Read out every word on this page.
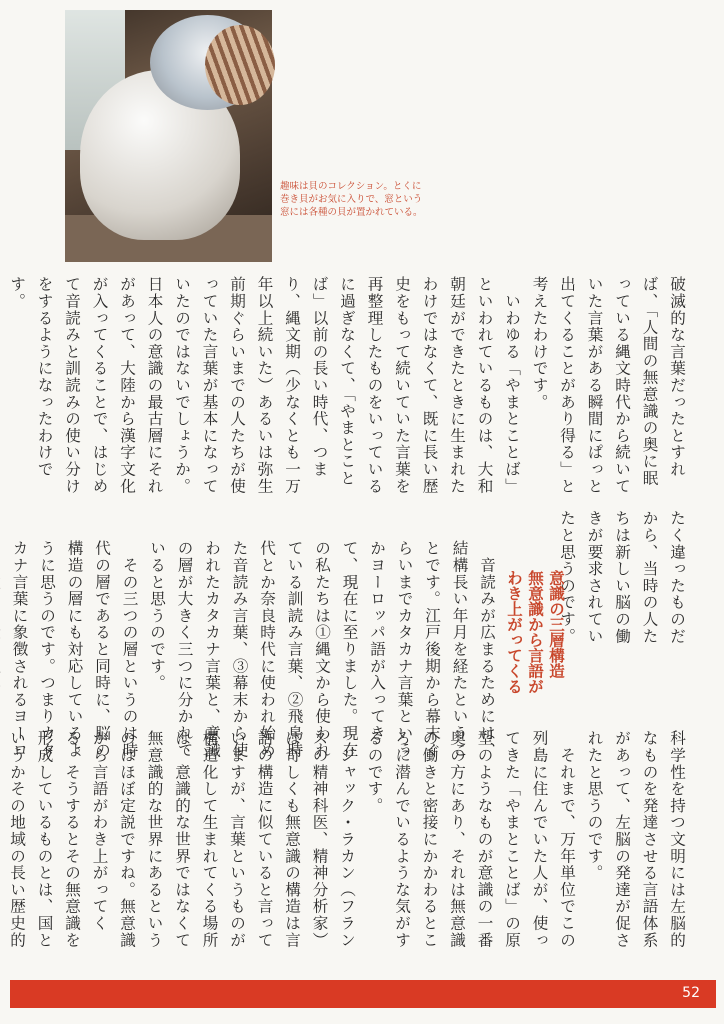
趣味は貝のコレクション。とくに巻き貝がお気に入りで、窓という窓には各種の貝が置かれている。

破滅的な言葉だったとすれば、「人間の無意識の奥に眠っている縄文時代から続いていた言葉がある瞬間にぱっと出てくることがあり得る」と考えたわけです。
　いわゆる「やまとことば」といわれているものは、大和朝廷ができたときに生まれたわけではなくて、既に長い歴史をもって続いていた言葉を再整理したものをいっているに過ぎなくて、「やまとことば」以前の長い時代、つまり、縄文期（少なくとも一万年以上続いた）あるいは弥生前期ぐらいまでの人たちが使っていた言葉が基本になっていたのではないでしょうか。日本人の意識の最古層にそれがあって、大陸から漢字文化が入ってくることで、はじめて音読みと訓読みの使い分けをするようになったわけです。

たく違ったものだから、当時の人たちは新しい脳の働きが要求されていたと思うのです。

意識の三層構造
無意識から言語が
わき上がってくる

　音読みが広まるためには、結構長い年月を経たということです。江戸後期から幕末ぐらいまでカタカナ言葉というかヨーロッパ語が入ってきて、現在に至りました。現在の私たちは①縄文から使われている訓読み言葉、②飛鳥時代とか奈良時代に使われ始めた音読み言葉、③幕末から使われたカタカナ言葉と、意識の層が大きく三つに分かれていると思うのです。
　その三つの層というのは時代の層であると同時に、脳の構造の層にも対応しているように思うのです。つまりカタカナ言葉に象徴されるヨーロ	科学性を持つ文明には左脳的なものを発達させる言語体系があって、左脳の発達が促されたと思うのです。
　それまで、万年単位でこの列島に住んでいた人が、使ってきた「やまとことば」の原型のようなものが意識の一番奥の方にあり、それは無意識の働きと密接にかかわるところに潜んでいるような気がするのです。
　ジャック・ラカン（フランスの精神科医、精神分析家）は奇しくも無意識の構造は言語の構造に似ていると言っていますが、言葉というものが構造化して生まれてくる場所は、意識的な世界ではなくて無意識的な世界にあるというのはほぼ定説ですね。無意識から言語がわき上がってくる。そうするとその無意識を形成しているものとは、国というかその地域の長い歴史的

52
